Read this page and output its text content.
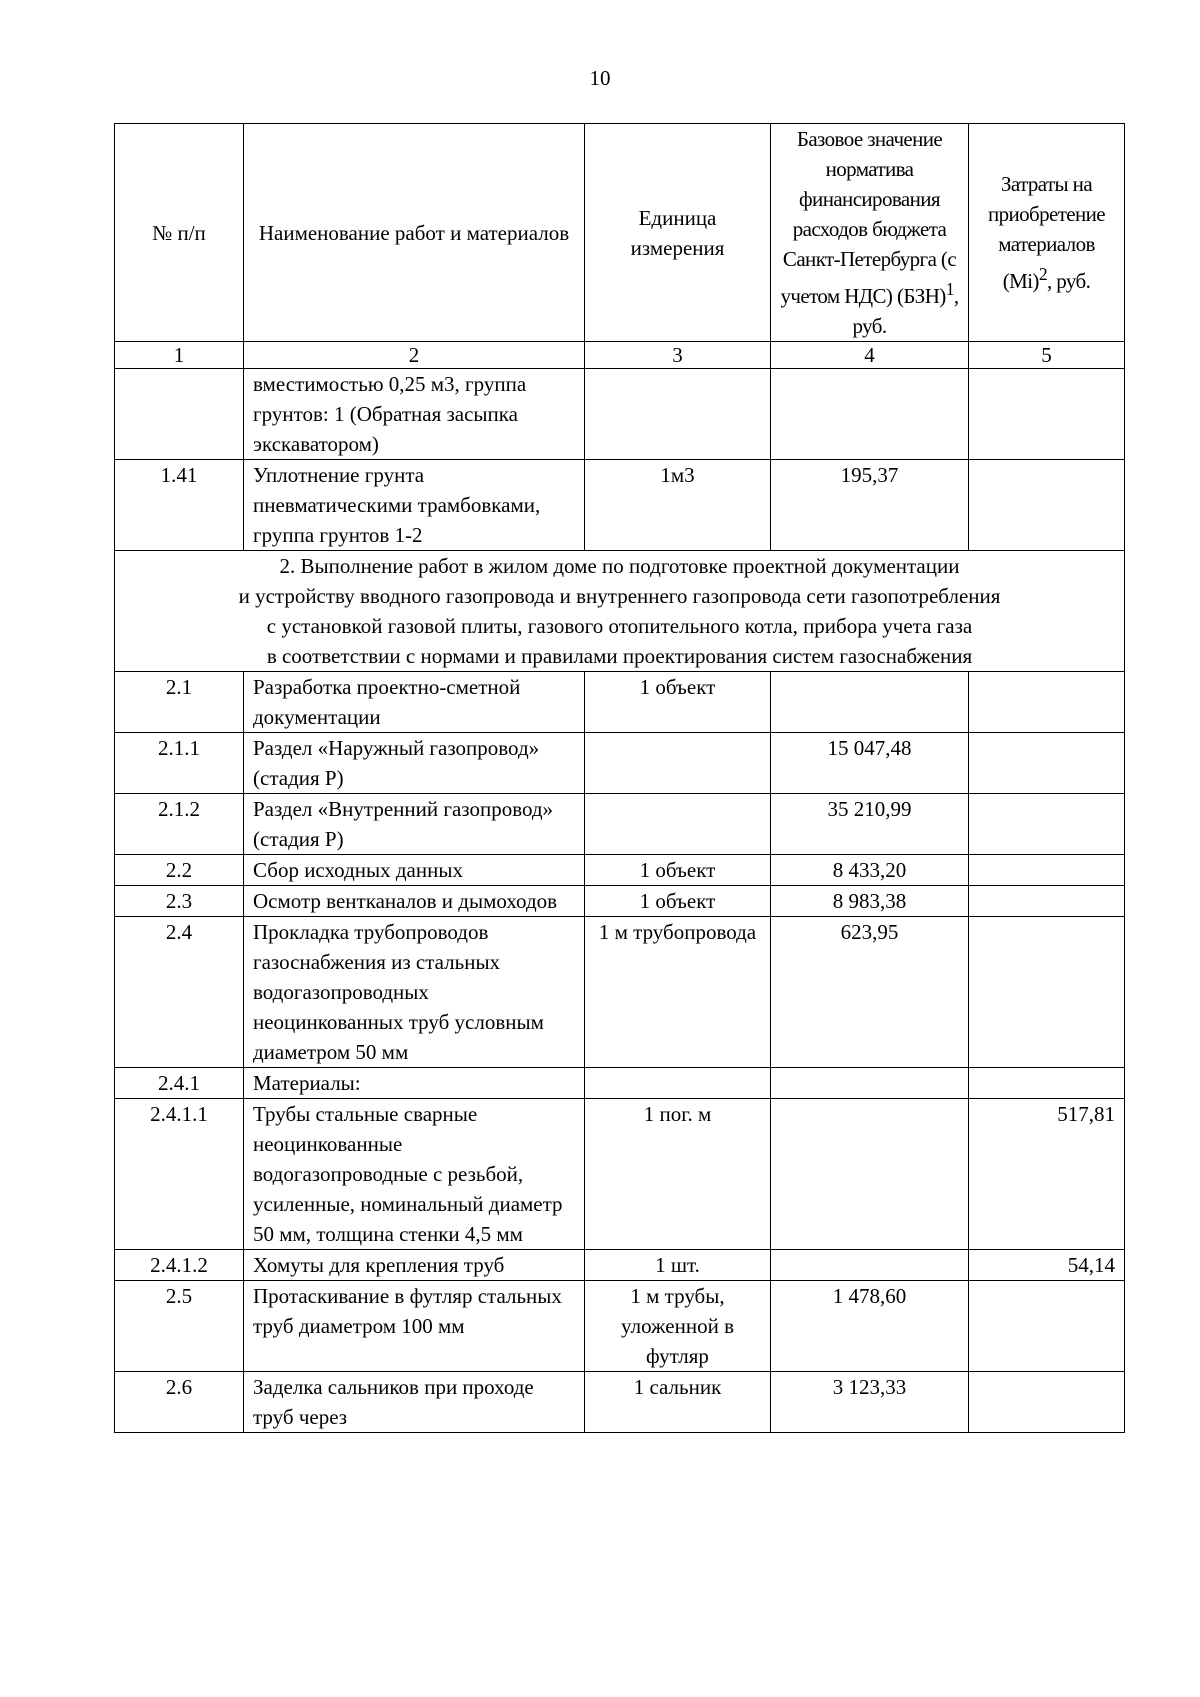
10
№ п/п	Наименование работ и материалов	Единица измерения	Базовое значение норматива финансирования расходов бюджета Санкт-Петербурга (с учетом НДС) (БЗН)$^1$, руб.	Затраты на приобретение материалов $(Mi)^2$, руб.
1	2	3	4	5
	вместимостью 0,25 м3, группа грунтов: 1 (Обратная засыпка экскаватором)			
1.41	Уплотнение грунта пневматическими трамбовками, группа грунтов 1-2	1м3	195,37	

2. Выполнение работ в жилом доме по подготовке проектной документации
и устройству вводного газопровода и внутреннего газопровода сети газопотребления
с установкой газовой плиты, газового отопительного котла, прибора учета газа
в соответствии с нормами и правилами проектирования систем газоснабжения				

2.1	Разработка проектно-сметной документации	1 объект		
2.1.1	Раздел «Наружный газопровод» (стадия Р)		15 047,48	
2.1.2	Раздел «Внутренний газопровод» (стадия Р)		35 210,99	
2.2	Сбор исходных данных	1 объект	8 433,20	
2.3	Осмотр вентканалов и дымоходов	1 объект	8 983,38	
2.4	Прокладка трубопроводов газоснабжения из стальных водогазопроводных неоцинкованных труб условным диаметром 50 мм	1 м трубопровода	623,95	
2.4.1	Материалы:			
2.4.1.1	Трубы стальные сварные неоцинкованные водогазопроводные с резьбой, усиленные, номинальный диаметр 50 мм, толщина стенки 4,5 мм	1 пог. м		517,81
2.4.1.2	Хомуты для крепления труб	1 шт.		54,14
2.5	Протаскивание в футляр стальных труб диаметром 100 мм	1 м трубы, уложенной в футляр	1 478,60	
2.6	Заделка сальников при проходе труб через	1 сальник	3 123,33	
